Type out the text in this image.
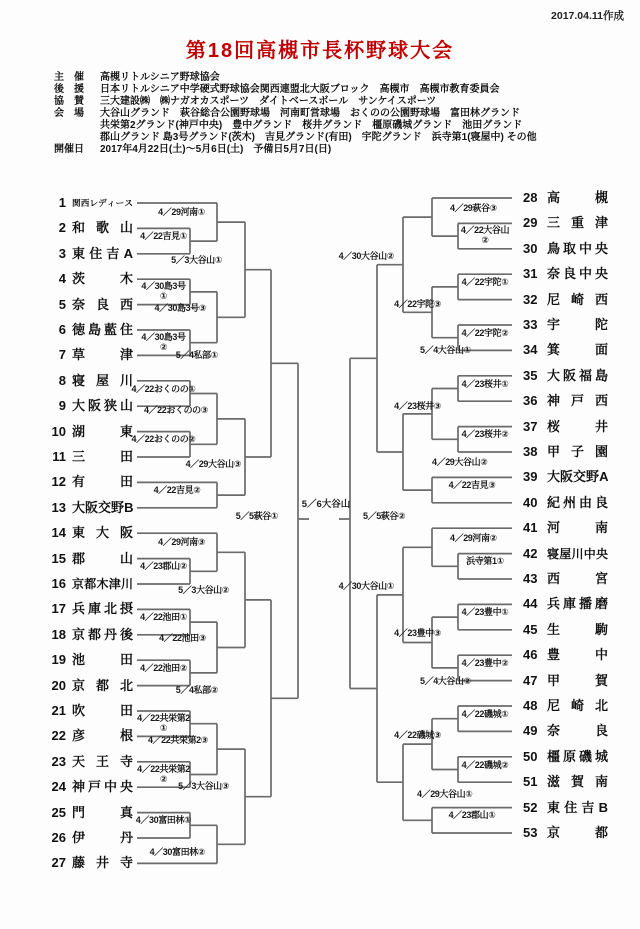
2017.04.11作成
第18回高槻市長杯野球大会
主　催	高槻リトルシニア野球協会
後　援	日本リトルシニア中学硬式野球協会関西連盟北大阪ブロック　高槻市　高槻市教育委員会
協　賛	三大建設㈱　㈱ナガオカスポーツ　ダイトベースボール　サンケイスポーツ
会　場	大谷山グランド　萩谷総合公園野球場　河南町営球場　おくのの公園野球場　富田林グランド
共栄第2グランド(神戸中央)　豊中グランド　桜井グランド　橿原磯城グランド　池田グランド
郡山グランド 島3号グランド(茨木)　吉見グランド(有田)　宇陀グランド　浜寺第1(寝屋中) その他
開催日	2017年4月22日(土)～5月6日(土)　予備日5月7日(日)
5／6大谷山
4／22吉見①
4／29河南①
4／30島3号
①
4／30島3号
②
4／30島3号③
5／3大谷山①
4／22おくのの①
4／22おくのの②
4／22おくのの③
4／22吉見②
4／29大谷山③
5／4私部①
4／23郡山②
4／29河南③
4／22池田①
4／22池田②
4／22池田③
5／3大谷山②
4／22共栄第2
①
4／22共栄第2
②
4／22共栄第2③
4／30富田林①
4／30富田林②
5／3大谷山③
5／4私部②
5／5萩谷①
4／22大谷山
②
4／29萩谷③
4／22宇陀①
4／22宇陀②
4／22宇陀③
4／30大谷山②
4／23桜井①
4／23桜井②
4／23桜井③
4／22吉見③
4／29大谷山②
5／4大谷山①
浜寺第1①
4／29河南②
4／23豊中①
4／23豊中②
4／23豊中③
4／30大谷山①
4／22磯城①
4／22磯城②
4／22磯城③
4／23郡山①
4／29大谷山①
5／4大谷山②
5／5萩谷②
1 関 西 レ デ ィ ー ス
2 和 歌 山
3 東 住 吉 A
4 茨	木
5 奈 良 西
6 徳 島 藍 住
7 草	津
8 寝 屋 川
9 大 阪 狭 山
10 湖	東
11 三	田
12 有	田
13 大 阪 交 野 B
14 東 大 阪
15 郡	山
16 京 都 木 津 川
17 兵 庫 北 摂
18 京 都 丹 後
19 池	田
20 京 都 北
21 吹	田
22 彦	根
23 天 王 寺
24 神 戸 中 央
25 門	真
26 伊	丹
27 藤 井 寺
28 高	槻
29 三 重 津
30 鳥 取 中 央
31 奈 良 中 央
32 尼 崎 西
33 宇	陀
34 箕	面
35 大 阪 福 島
36 神 戸 西
37 桜	井
38 甲 子 園
39 大 阪 交 野 A
40 紀 州 由 良
41 河	南
42 寝 屋 川 中 央
43 西	宮
44 兵 庫 播 磨
45 生	駒
46 豊	中
47 甲	賀
48 尼 崎 北
49 奈	良
50 橿 原 磯 城
51 滋 賀 南
52 東 住 吉 B
53 京	都
